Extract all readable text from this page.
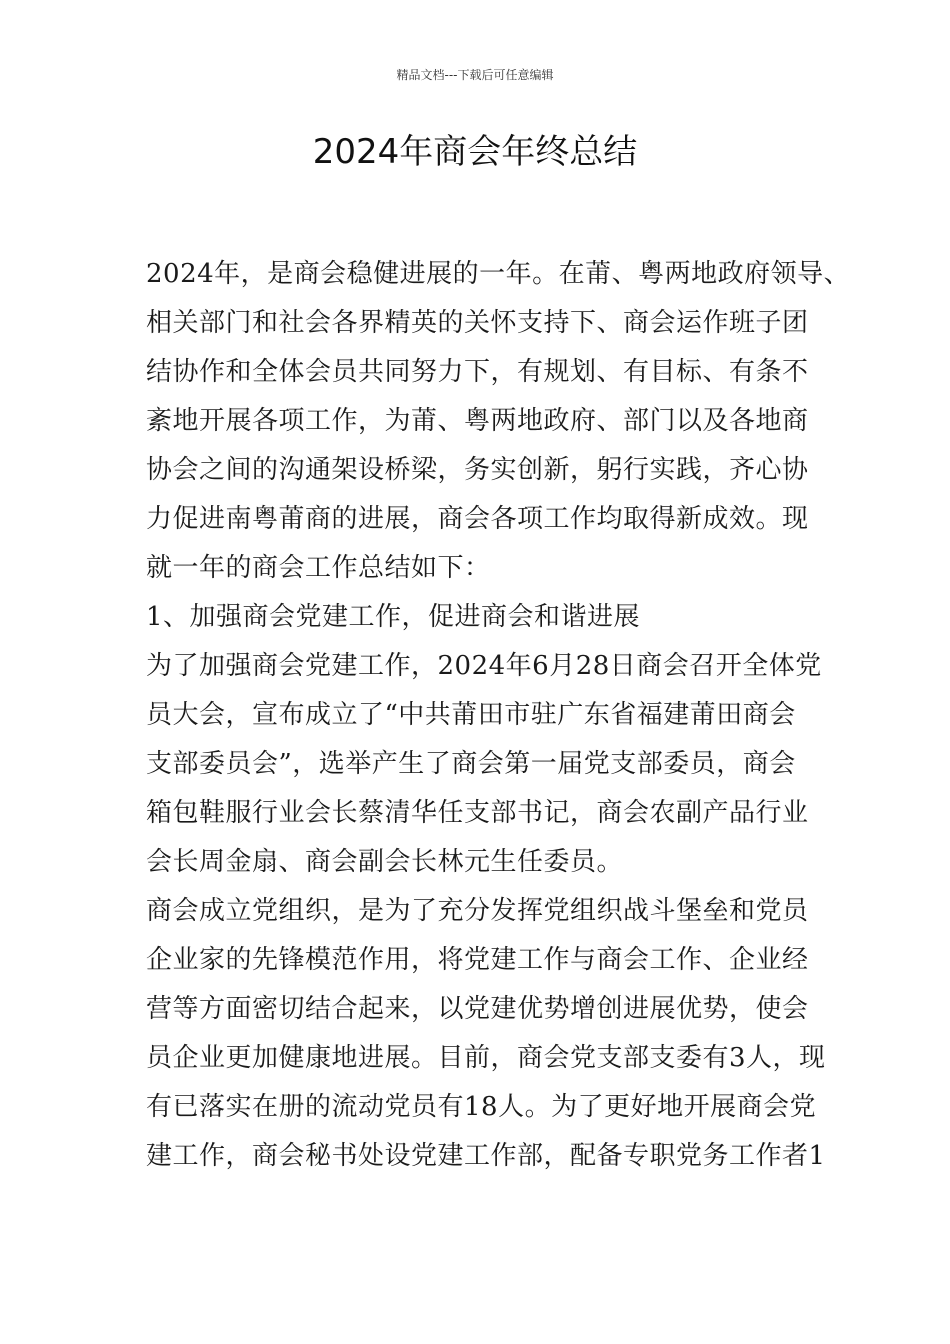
精品文档---下载后可任意编辑
2024年商会年终总结
2024年，是商会稳健进展的一年。在莆、粤两地政府领导、
相关部门和社会各界精英的关怀支持下、商会运作班子团
结协作和全体会员共同努力下，有规划、有目标、有条不
紊地开展各项工作，为莆、粤两地政府、部门以及各地商
协会之间的沟通架设桥梁，务实创新，躬行实践，齐心协
力促进南粤莆商的进展，商会各项工作均取得新成效。现
就一年的商会工作总结如下：
1、加强商会党建工作，促进商会和谐进展
为了加强商会党建工作，2024年6月28日商会召开全体党
员大会，宣布成立了“中共莆田市驻广东省福建莆田商会
支部委员会”，选举产生了商会第一届党支部委员，商会
箱包鞋服行业会长蔡清华任支部书记，商会农副产品行业
会长周金扇、商会副会长林元生任委员。
商会成立党组织，是为了充分发挥党组织战斗堡垒和党员
企业家的先锋模范作用，将党建工作与商会工作、企业经
营等方面密切结合起来，以党建优势增创进展优势，使会
员企业更加健康地进展。目前，商会党支部支委有3人，现
有已落实在册的流动党员有18人。为了更好地开展商会党
建工作，商会秘书处设党建工作部，配备专职党务工作者1
